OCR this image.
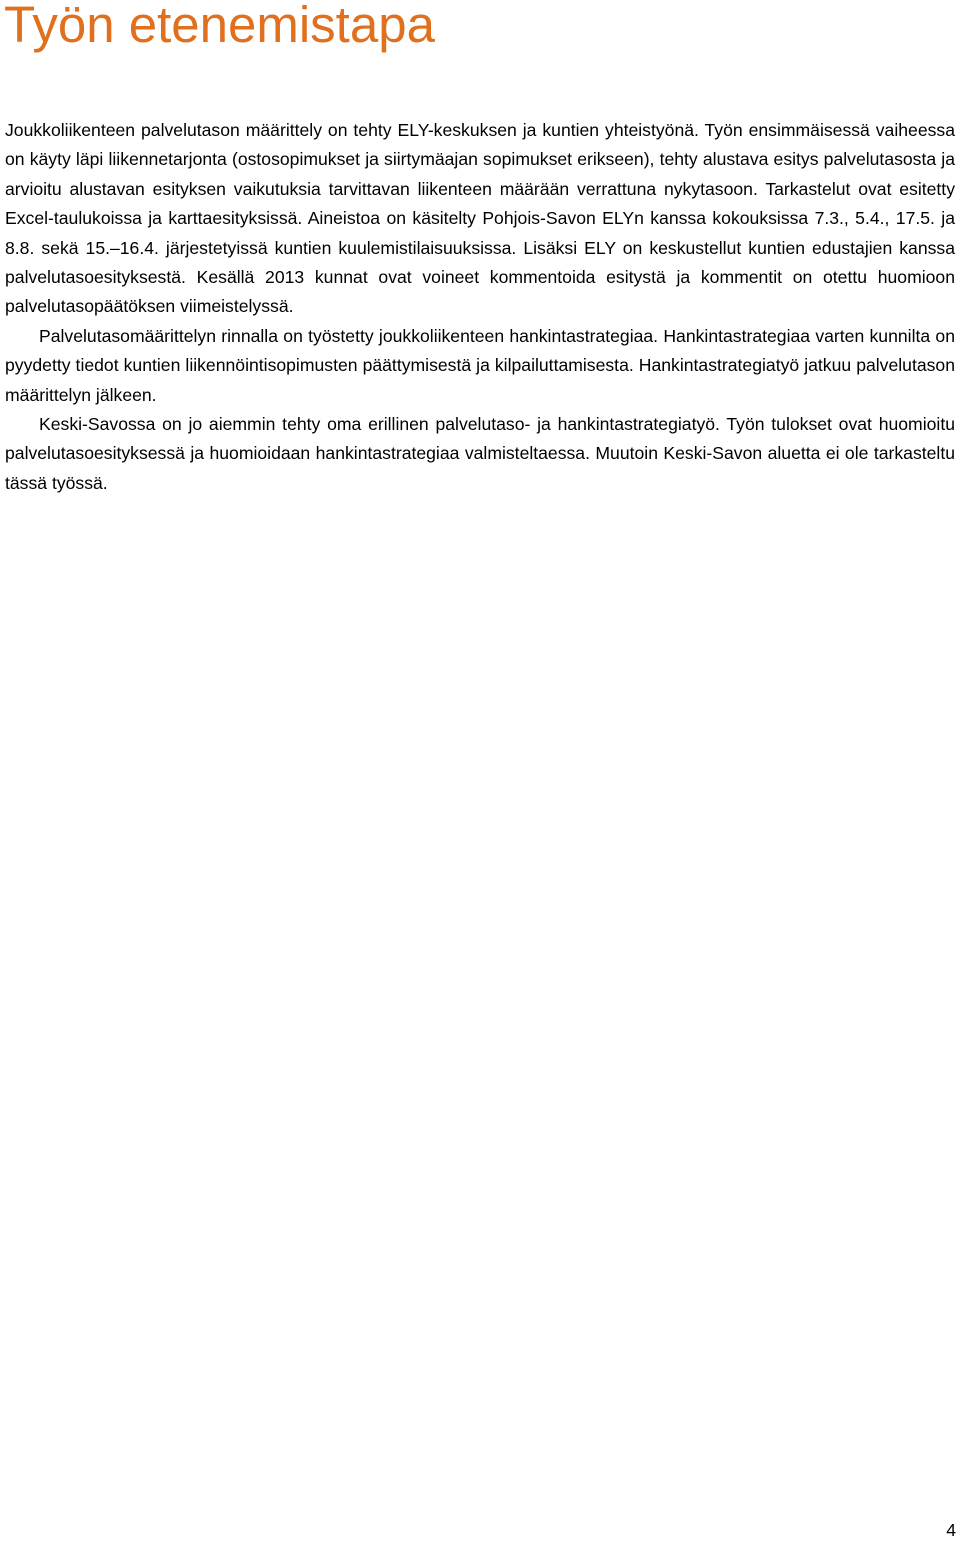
Työn etenemistapa

Joukkoliikenteen palvelutason määrittely on tehty ELY-keskuksen ja kuntien yhteistyönä. Työn ensimmäisessä vaiheessa on käyty läpi liikennetarjonta (ostosopimukset ja siirtymäajan sopimukset erikseen), tehty alustava esitys palvelutasosta ja arvioitu alustavan esityksen vaikutuksia tarvittavan liikenteen määrään verrattuna nykytasoon. Tarkastelut ovat esitetty Excel-taulukoissa ja karttaesityksissä. Aineistoa on käsitelty Pohjois-Savon ELYn kanssa kokouksissa 7.3., 5.4., 17.5. ja 8.8. sekä 15.–16.4. järjestetyissä kuntien kuulemistilaisuuksissa. Lisäksi ELY on keskustellut kuntien edustajien kanssa palvelutasoesityksestä. Kesällä 2013 kunnat ovat voineet kommentoida esitystä ja kommentit on otettu huomioon palvelutasopäätöksen viimeistelyssä.

Palvelutasomäärittelyn rinnalla on työstetty joukkoliikenteen hankintastrategiaa. Hankintastrategiaa varten kunnilta on pyydetty tiedot kuntien liikennöintisopimusten päättymisestä ja kilpailuttamisesta. Hankintastrategiatyö jatkuu palvelutason määrittelyn jälkeen.

Keski-Savossa on jo aiemmin tehty oma erillinen palvelutaso- ja hankintastrategiatyö. Työn tulokset ovat huomioitu palvelutasoesityksessä ja huomioidaan hankintastrategiaa valmisteltaessa. Muutoin Keski-Savon aluetta ei ole tarkasteltu tässä työssä.

4
